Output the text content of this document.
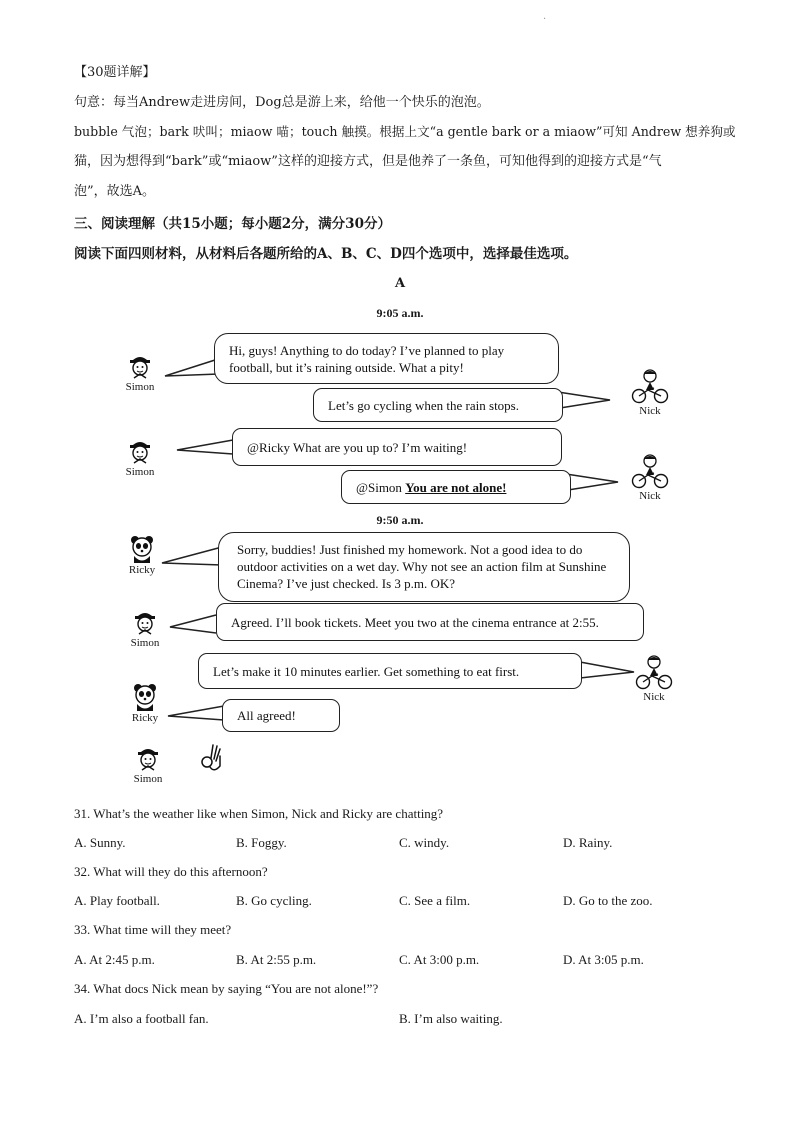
·
【30题详解】
句意：每当Andrew走进房间，Dog总是游上来，给他一个快乐的泡泡。
bubble 气泡；bark 吠叫；miaow 喵；touch 触摸。根据上文“a gentle bark or a miaow”可知 Andrew 想养狗或
猫，因为想得到“bark”或“miaow”这样的迎接方式，但是他养了一条鱼，可知他得到的迎接方式是“气
泡”，故选A。
三、阅读理解（共15小题；每小题2分，满分30分）
阅读下面四则材料，从材料后各题所给的A、B、C、D四个选项中，选择最佳选项。
A
9:05 a.m.
Simon
Hi, guys! Anything to do today? I’ve planned to play football, but it’s raining outside. What a pity!
Let’s go cycling when the rain stops.	Nick
Simon
@Ricky What are you up to? I’m waiting!
@Simon You are not alone!
Nick
9:50 a.m.
Ricky
Sorry, buddies! Just finished my homework. Not a good idea to do outdoor activities on a wet day. Why not see an action film at Sunshine Cinema? I’ve just checked. Is 3 p.m. OK?
Simon
Agreed. I’ll book tickets. Meet you two at the cinema entrance at 2:55.
Let’s make it 10 minutes earlier. Get something to eat first.
Nick
Ricky	All agreed!
Simon
31. What’s the weather like when Simon, Nick and Ricky are chatting?
A. Sunny.	B. Foggy.	C. windy.	D. Rainy.
32. What will they do this afternoon?
A. Play football.	B. Go cycling.	C. See a film.	D. Go to the zoo.
33. What time will they meet?
A. At 2:45 p.m.	B. At 2:55 p.m.	C. At 3:00 p.m.	D. At 3:05 p.m.
34. What docs Nick mean by saying “You are not alone!”?
A. I’m also a football fan.	B. I’m also waiting.
